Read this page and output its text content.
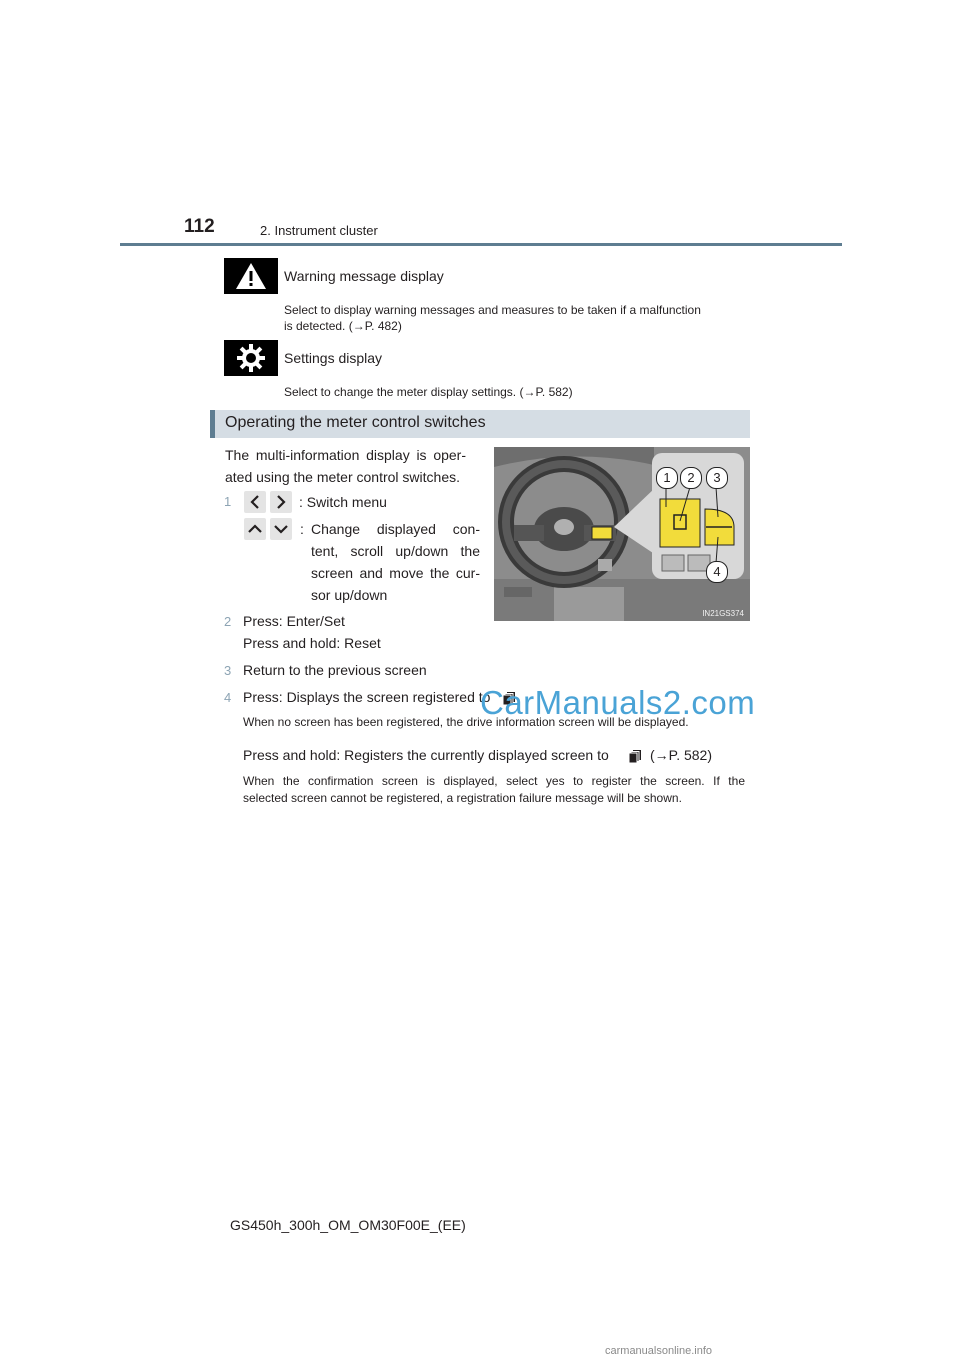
112	2. Instrument cluster
Warning message display
Select to display warning messages and measures to be taken if a malfunction
is detected. (→P. 482)
Settings display
Select to change the meter display settings. (→P. 582)
Operating the meter control switches
The multi-information display is oper-
ated using the meter control switches.
1	: Switch menu
: Change displayed con-
tent, scroll up/down the
screen and move the cur-
sor up/down
2 Press: Enter/Set
Press and hold: Reset
3 Return to the previous screen
4 Press: Displays the screen registered to
When no screen has been registered, the drive information screen will be displayed.
Press and hold: Registers the currently displayed screen to	(→P. 582)
When the confirmation screen is displayed, select yes to register the screen. If the
selected screen cannot be registered, a registration failure message will be shown.
1	2	3
4
IN21GS374
CarManuals2.com
GS450h_300h_OM_OM30F00E_(EE)
carmanualsonline.info
